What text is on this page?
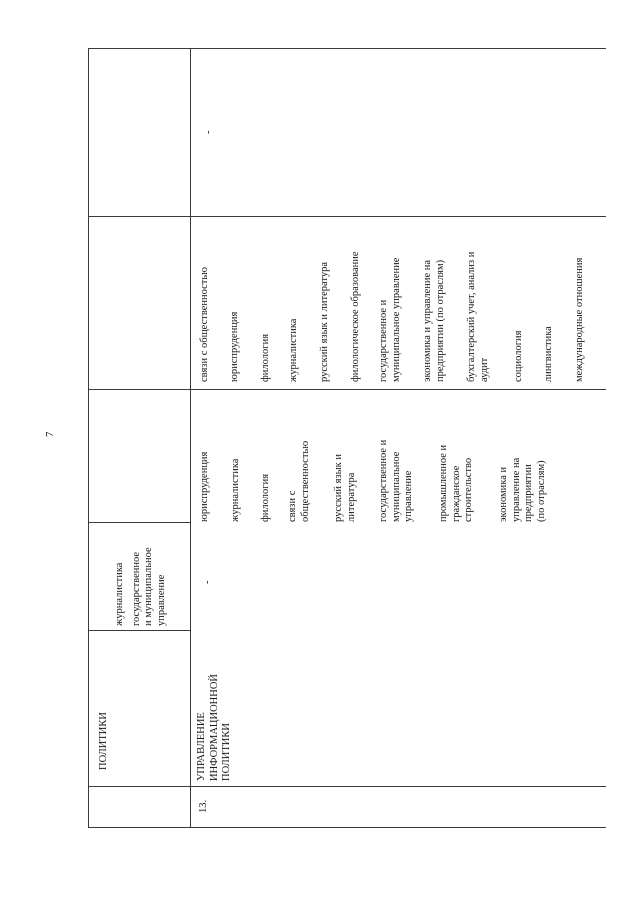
7
ПОЛИТИКИ
журналистика государственное и муниципальное управление
13.
УПРАВЛЕНИЕ ИНФОРМАЦИОННОЙ ПОЛИТИКИ
-
юриспруденция журналистика филология связи с общественностью русский язык и литература государственное и муниципальное управление промышленное и гражданское строительство экономика и управление на предприятии (по отраслям)
связи с общественностью юриспруденция филология журналистика русский язык и литература филологическое образование государственное и муниципальное управление экономика и управление на предприятии (по отраслям) бухгалтерский учет, анализ и аудит социология лингвистика международные отношения
-
